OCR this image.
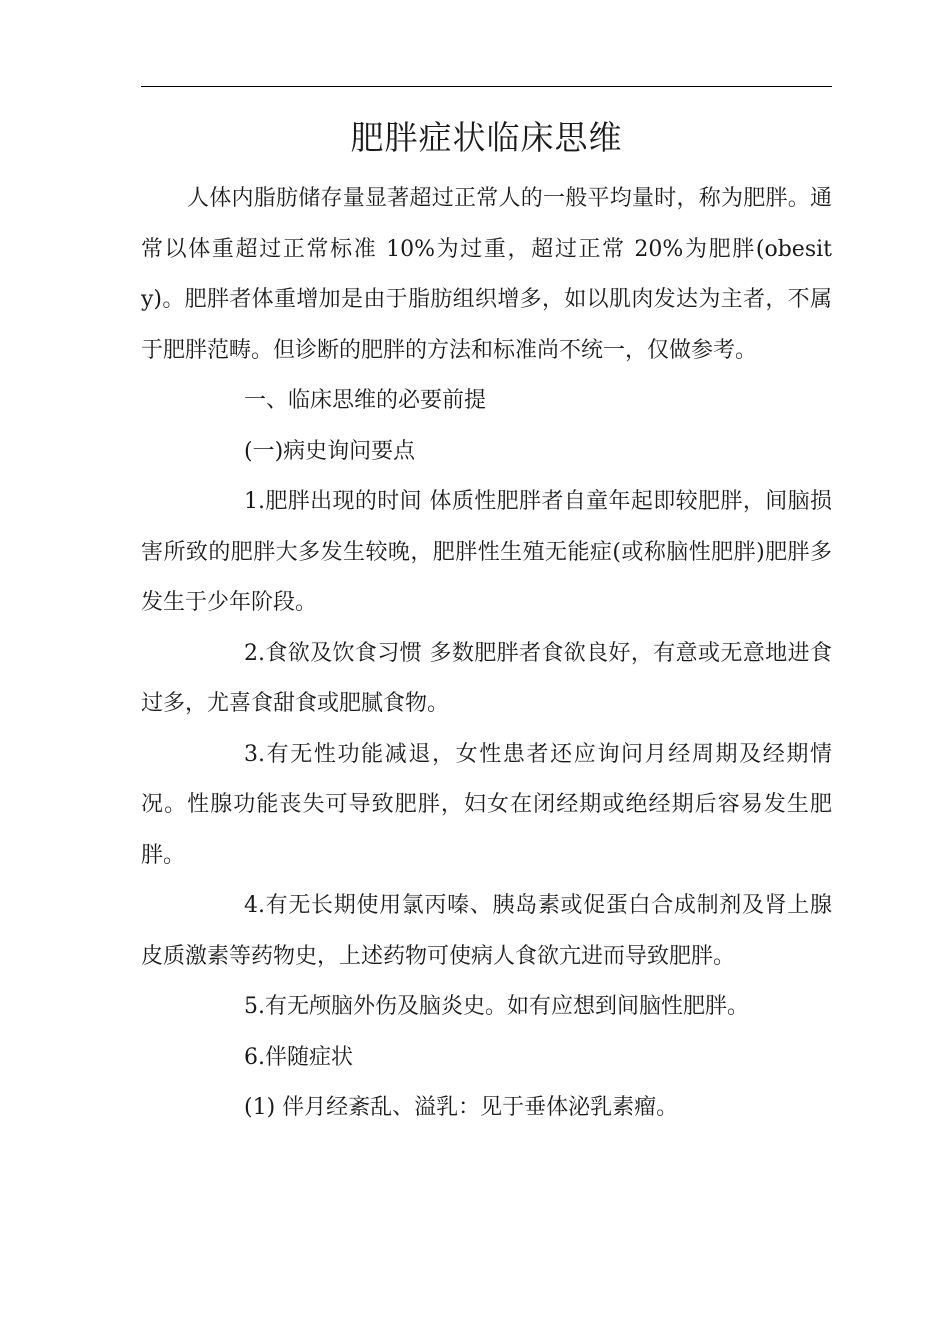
肥胖症状临床思维

人体内脂肪储存量显著超过正常人的一般平均量时，称为肥胖。通常以体重超过正常标准 10%为过重，超过正常 20%为肥胖(obesity)。肥胖者体重增加是由于脂肪组织增多，如以肌肉发达为主者，不属于肥胖范畴。但诊断的肥胖的方法和标准尚不统一，仅做参考。

一、临床思维的必要前提

(一)病史询问要点

1.肥胖出现的时间 体质性肥胖者自童年起即较肥胖，间脑损害所致的肥胖大多发生较晚，肥胖性生殖无能症(或称脑性肥胖)肥胖多发生于少年阶段。

2.食欲及饮食习惯 多数肥胖者食欲良好，有意或无意地进食过多，尤喜食甜食或肥腻食物。

3.有无性功能减退，女性患者还应询问月经周期及经期情况。性腺功能丧失可导致肥胖，妇女在闭经期或绝经期后容易发生肥胖。

4.有无长期使用氯丙嗪、胰岛素或促蛋白合成制剂及肾上腺皮质激素等药物史，上述药物可使病人食欲亢进而导致肥胖。

5.有无颅脑外伤及脑炎史。如有应想到间脑性肥胖。

6.伴随症状

(1) 伴月经紊乱、溢乳：见于垂体泌乳素瘤。
